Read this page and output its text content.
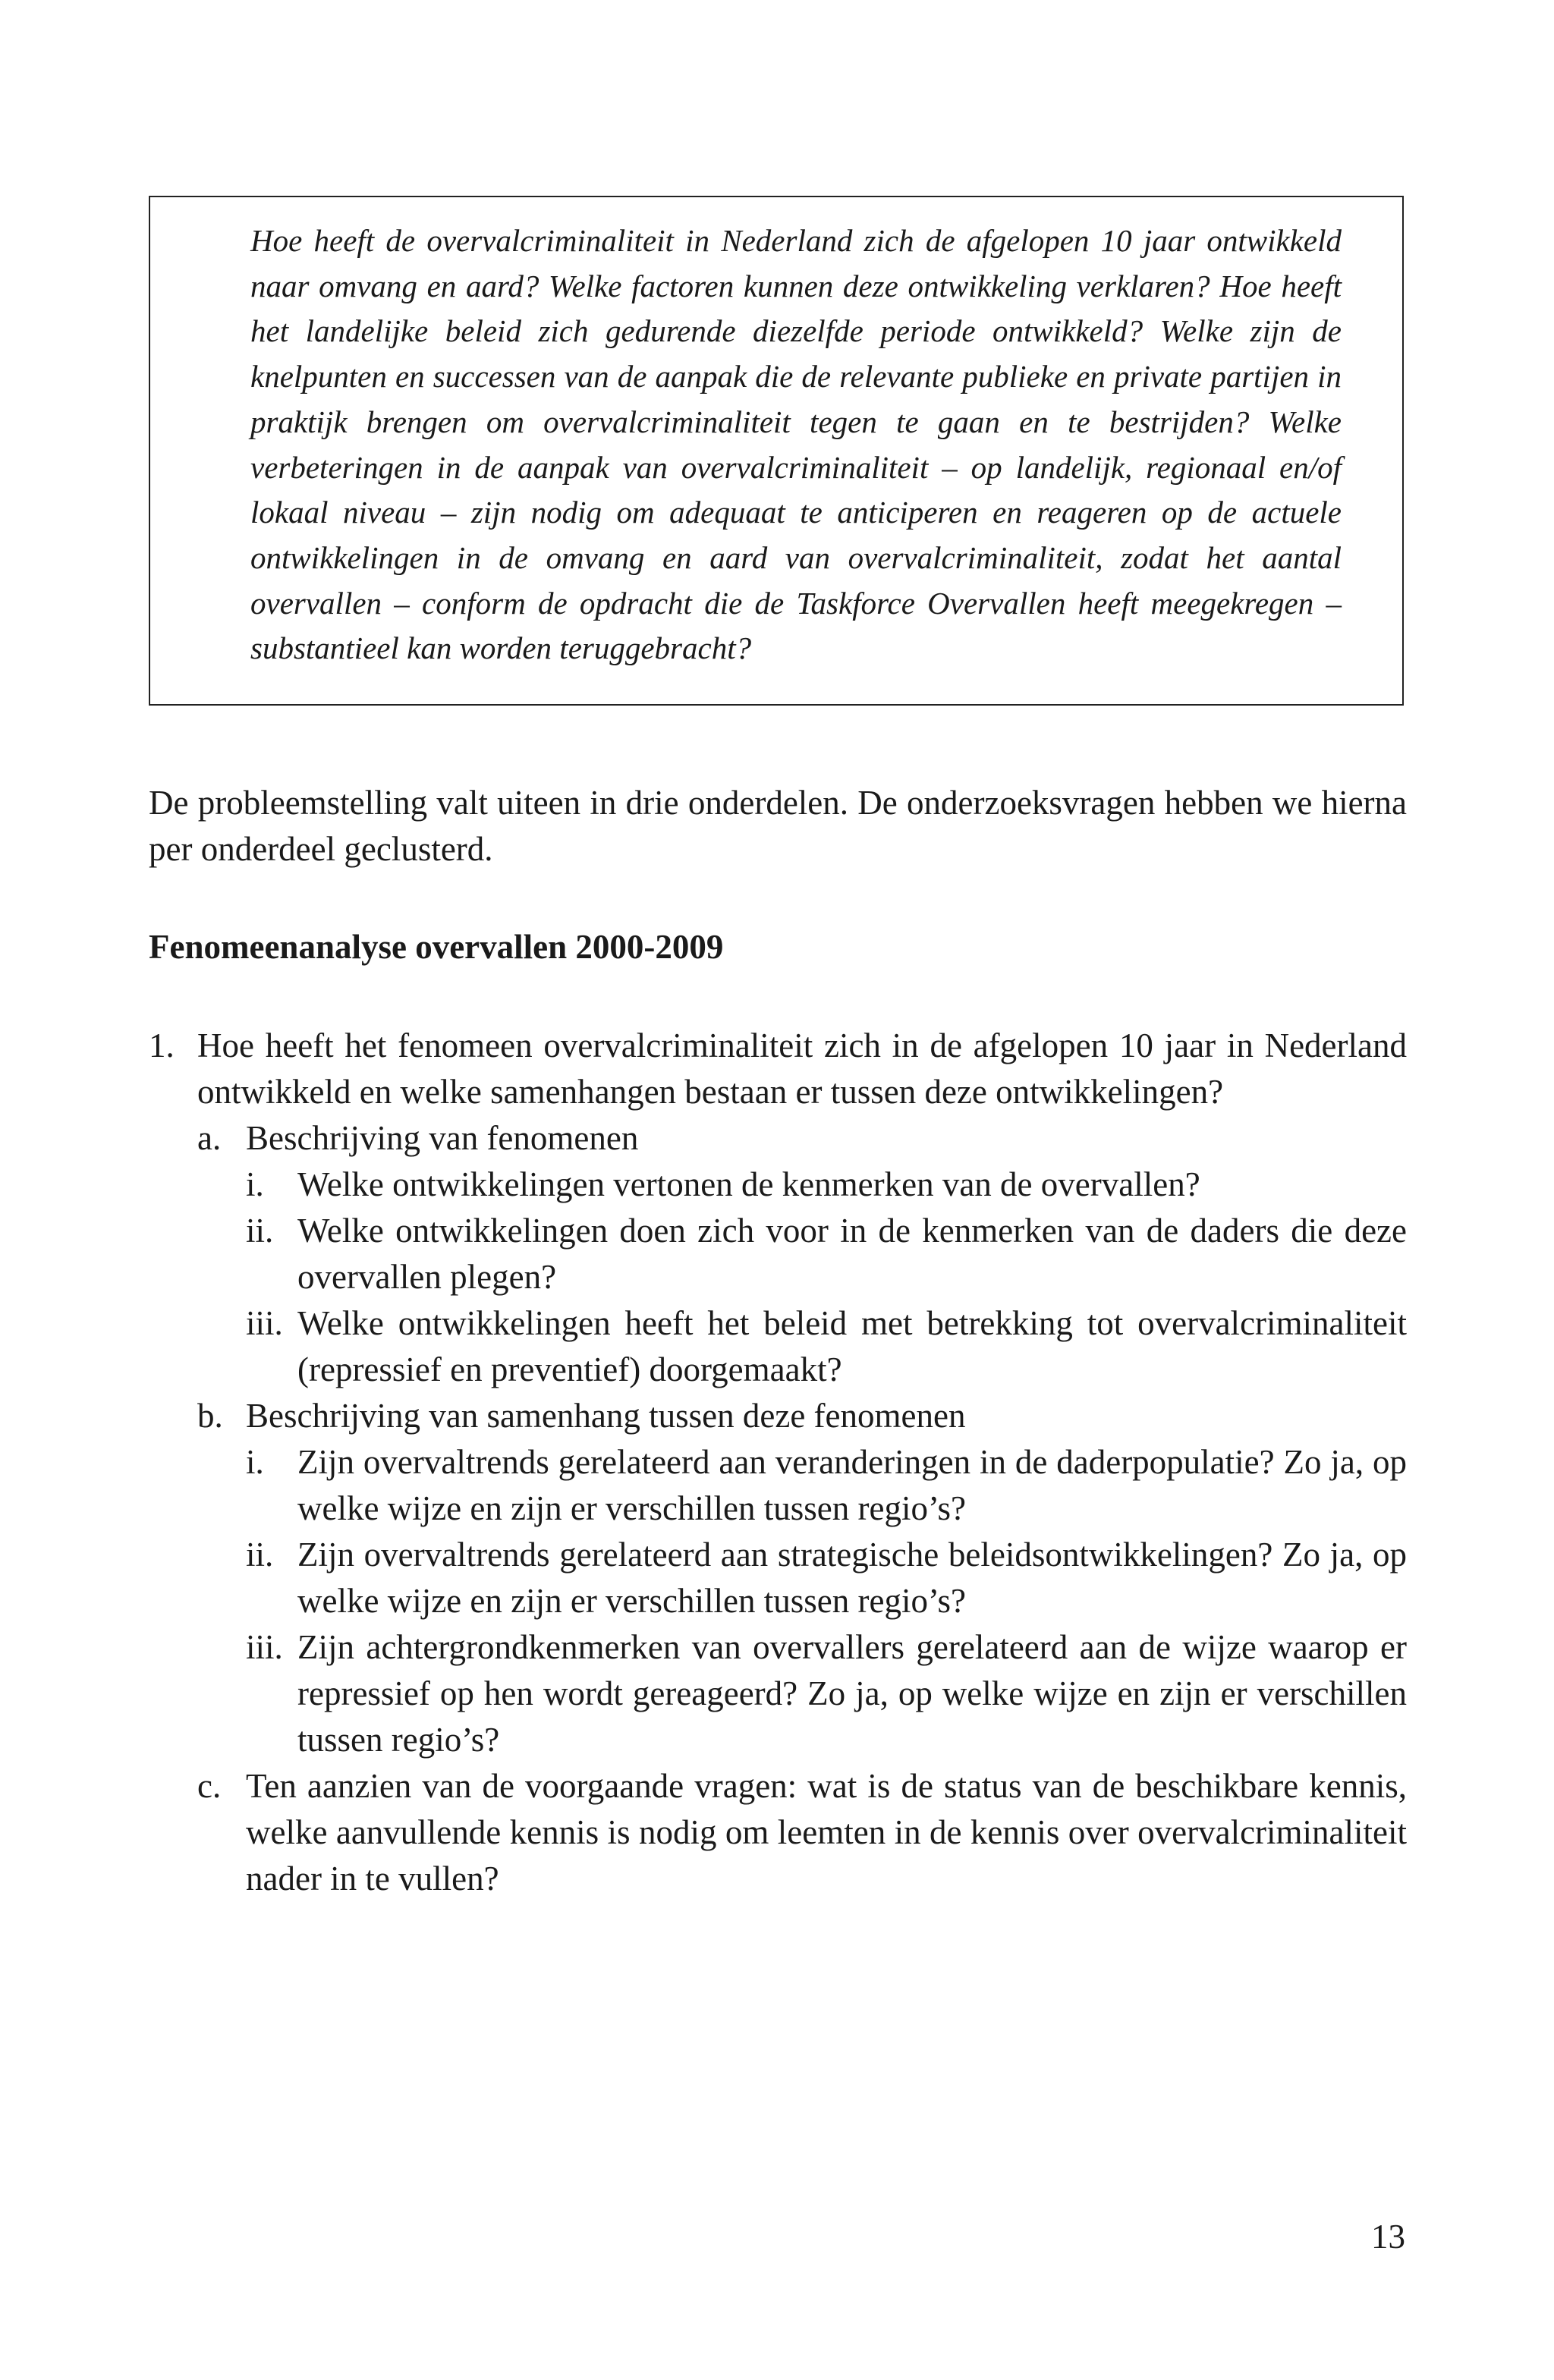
Hoe heeft de overvalcriminaliteit in Nederland zich de afgelopen 10 jaar ontwikkeld naar omvang en aard? Welke factoren kunnen deze ontwikkeling verklaren? Hoe heeft het landelijke beleid zich gedurende diezelfde periode ontwikkeld? Welke zijn de knelpunten en successen van de aanpak die de relevante publieke en private partijen in praktijk brengen om overvalcriminaliteit tegen te gaan en te bestrijden? Welke verbeteringen in de aanpak van overvalcriminaliteit – op landelijk, regionaal en/of lokaal niveau – zijn nodig om adequaat te anticiperen en reageren op de actuele ontwikkelingen in de omvang en aard van overvalcriminaliteit, zodat het aantal overvallen – conform de opdracht die de Taskforce Overvallen heeft meegekregen – substantieel kan worden teruggebracht?

De probleemstelling valt uiteen in drie onderdelen. De onderzoeksvragen hebben we hierna per onderdeel geclusterd.

Fenomeenanalyse overvallen 2000-2009
1. Hoe heeft het fenomeen overvalcriminaliteit zich in de afgelopen 10 jaar in Nederland ontwikkeld en welke samenhangen bestaan er tussen deze ontwikkelingen?
a. Beschrijving van fenomenen
i. Welke ontwikkelingen vertonen de kenmerken van de overvallen?
ii. Welke ontwikkelingen doen zich voor in de kenmerken van de daders die deze overvallen plegen?
iii. Welke ontwikkelingen heeft het beleid met betrekking tot overvalcriminaliteit (repressief en preventief) doorgemaakt?
b. Beschrijving van samenhang tussen deze fenomenen
i. Zijn overvaltrends gerelateerd aan veranderingen in de daderpopulatie? Zo ja, op welke wijze en zijn er verschillen tussen regio’s?
ii. Zijn overvaltrends gerelateerd aan strategische beleidsontwikkelingen? Zo ja, op welke wijze en zijn er verschillen tussen regio’s?
iii. Zijn achtergrondkenmerken van overvallers gerelateerd aan de wijze waarop er repressief op hen wordt gereageerd? Zo ja, op welke wijze en zijn er verschillen tussen regio’s?
c. Ten aanzien van de voorgaande vragen: wat is de status van de beschikbare kennis, welke aanvullende kennis is nodig om leemten in de kennis over overvalcriminaliteit nader in te vullen?

13
